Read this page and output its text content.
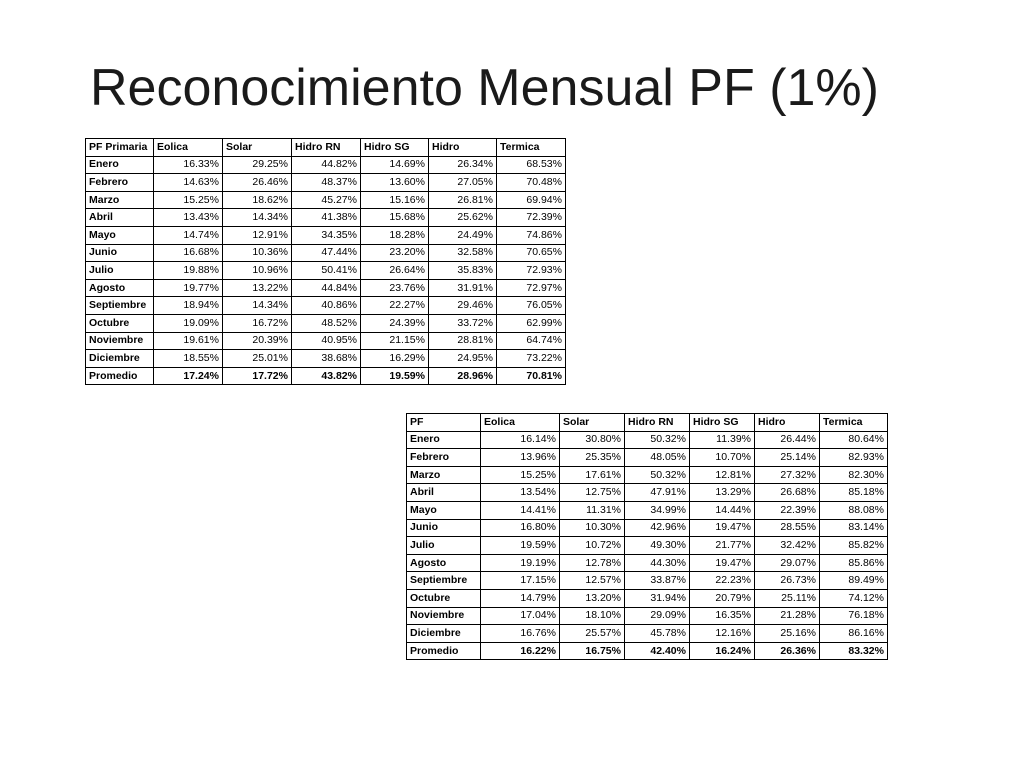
Reconocimiento Mensual PF (1%)
PF Primaria	Eolica	Solar	Hidro RN	Hidro SG	Hidro	Termica
Enero	16.33%	29.25%	44.82%	14.69%	26.34%	68.53%
Febrero	14.63%	26.46%	48.37%	13.60%	27.05%	70.48%
Marzo	15.25%	18.62%	45.27%	15.16%	26.81%	69.94%
Abril	13.43%	14.34%	41.38%	15.68%	25.62%	72.39%
Mayo	14.74%	12.91%	34.35%	18.28%	24.49%	74.86%
Junio	16.68%	10.36%	47.44%	23.20%	32.58%	70.65%
Julio	19.88%	10.96%	50.41%	26.64%	35.83%	72.93%
Agosto	19.77%	13.22%	44.84%	23.76%	31.91%	72.97%
Septiembre	18.94%	14.34%	40.86%	22.27%	29.46%	76.05%
Octubre	19.09%	16.72%	48.52%	24.39%	33.72%	62.99%
Noviembre	19.61%	20.39%	40.95%	21.15%	28.81%	64.74%
Diciembre	18.55%	25.01%	38.68%	16.29%	24.95%	73.22%
Promedio	17.24%	17.72%	43.82%	19.59%	28.96%	70.81%
PF	Eolica	Solar	Hidro RN	Hidro SG	Hidro	Termica
Enero	16.14%	30.80%	50.32%	11.39%	26.44%	80.64%
Febrero	13.96%	25.35%	48.05%	10.70%	25.14%	82.93%
Marzo	15.25%	17.61%	50.32%	12.81%	27.32%	82.30%
Abril	13.54%	12.75%	47.91%	13.29%	26.68%	85.18%
Mayo	14.41%	11.31%	34.99%	14.44%	22.39%	88.08%
Junio	16.80%	10.30%	42.96%	19.47%	28.55%	83.14%
Julio	19.59%	10.72%	49.30%	21.77%	32.42%	85.82%
Agosto	19.19%	12.78%	44.30%	19.47%	29.07%	85.86%
Septiembre	17.15%	12.57%	33.87%	22.23%	26.73%	89.49%
Octubre	14.79%	13.20%	31.94%	20.79%	25.11%	74.12%
Noviembre	17.04%	18.10%	29.09%	16.35%	21.28%	76.18%
Diciembre	16.76%	25.57%	45.78%	12.16%	25.16%	86.16%
Promedio	16.22%	16.75%	42.40%	16.24%	26.36%	83.32%
